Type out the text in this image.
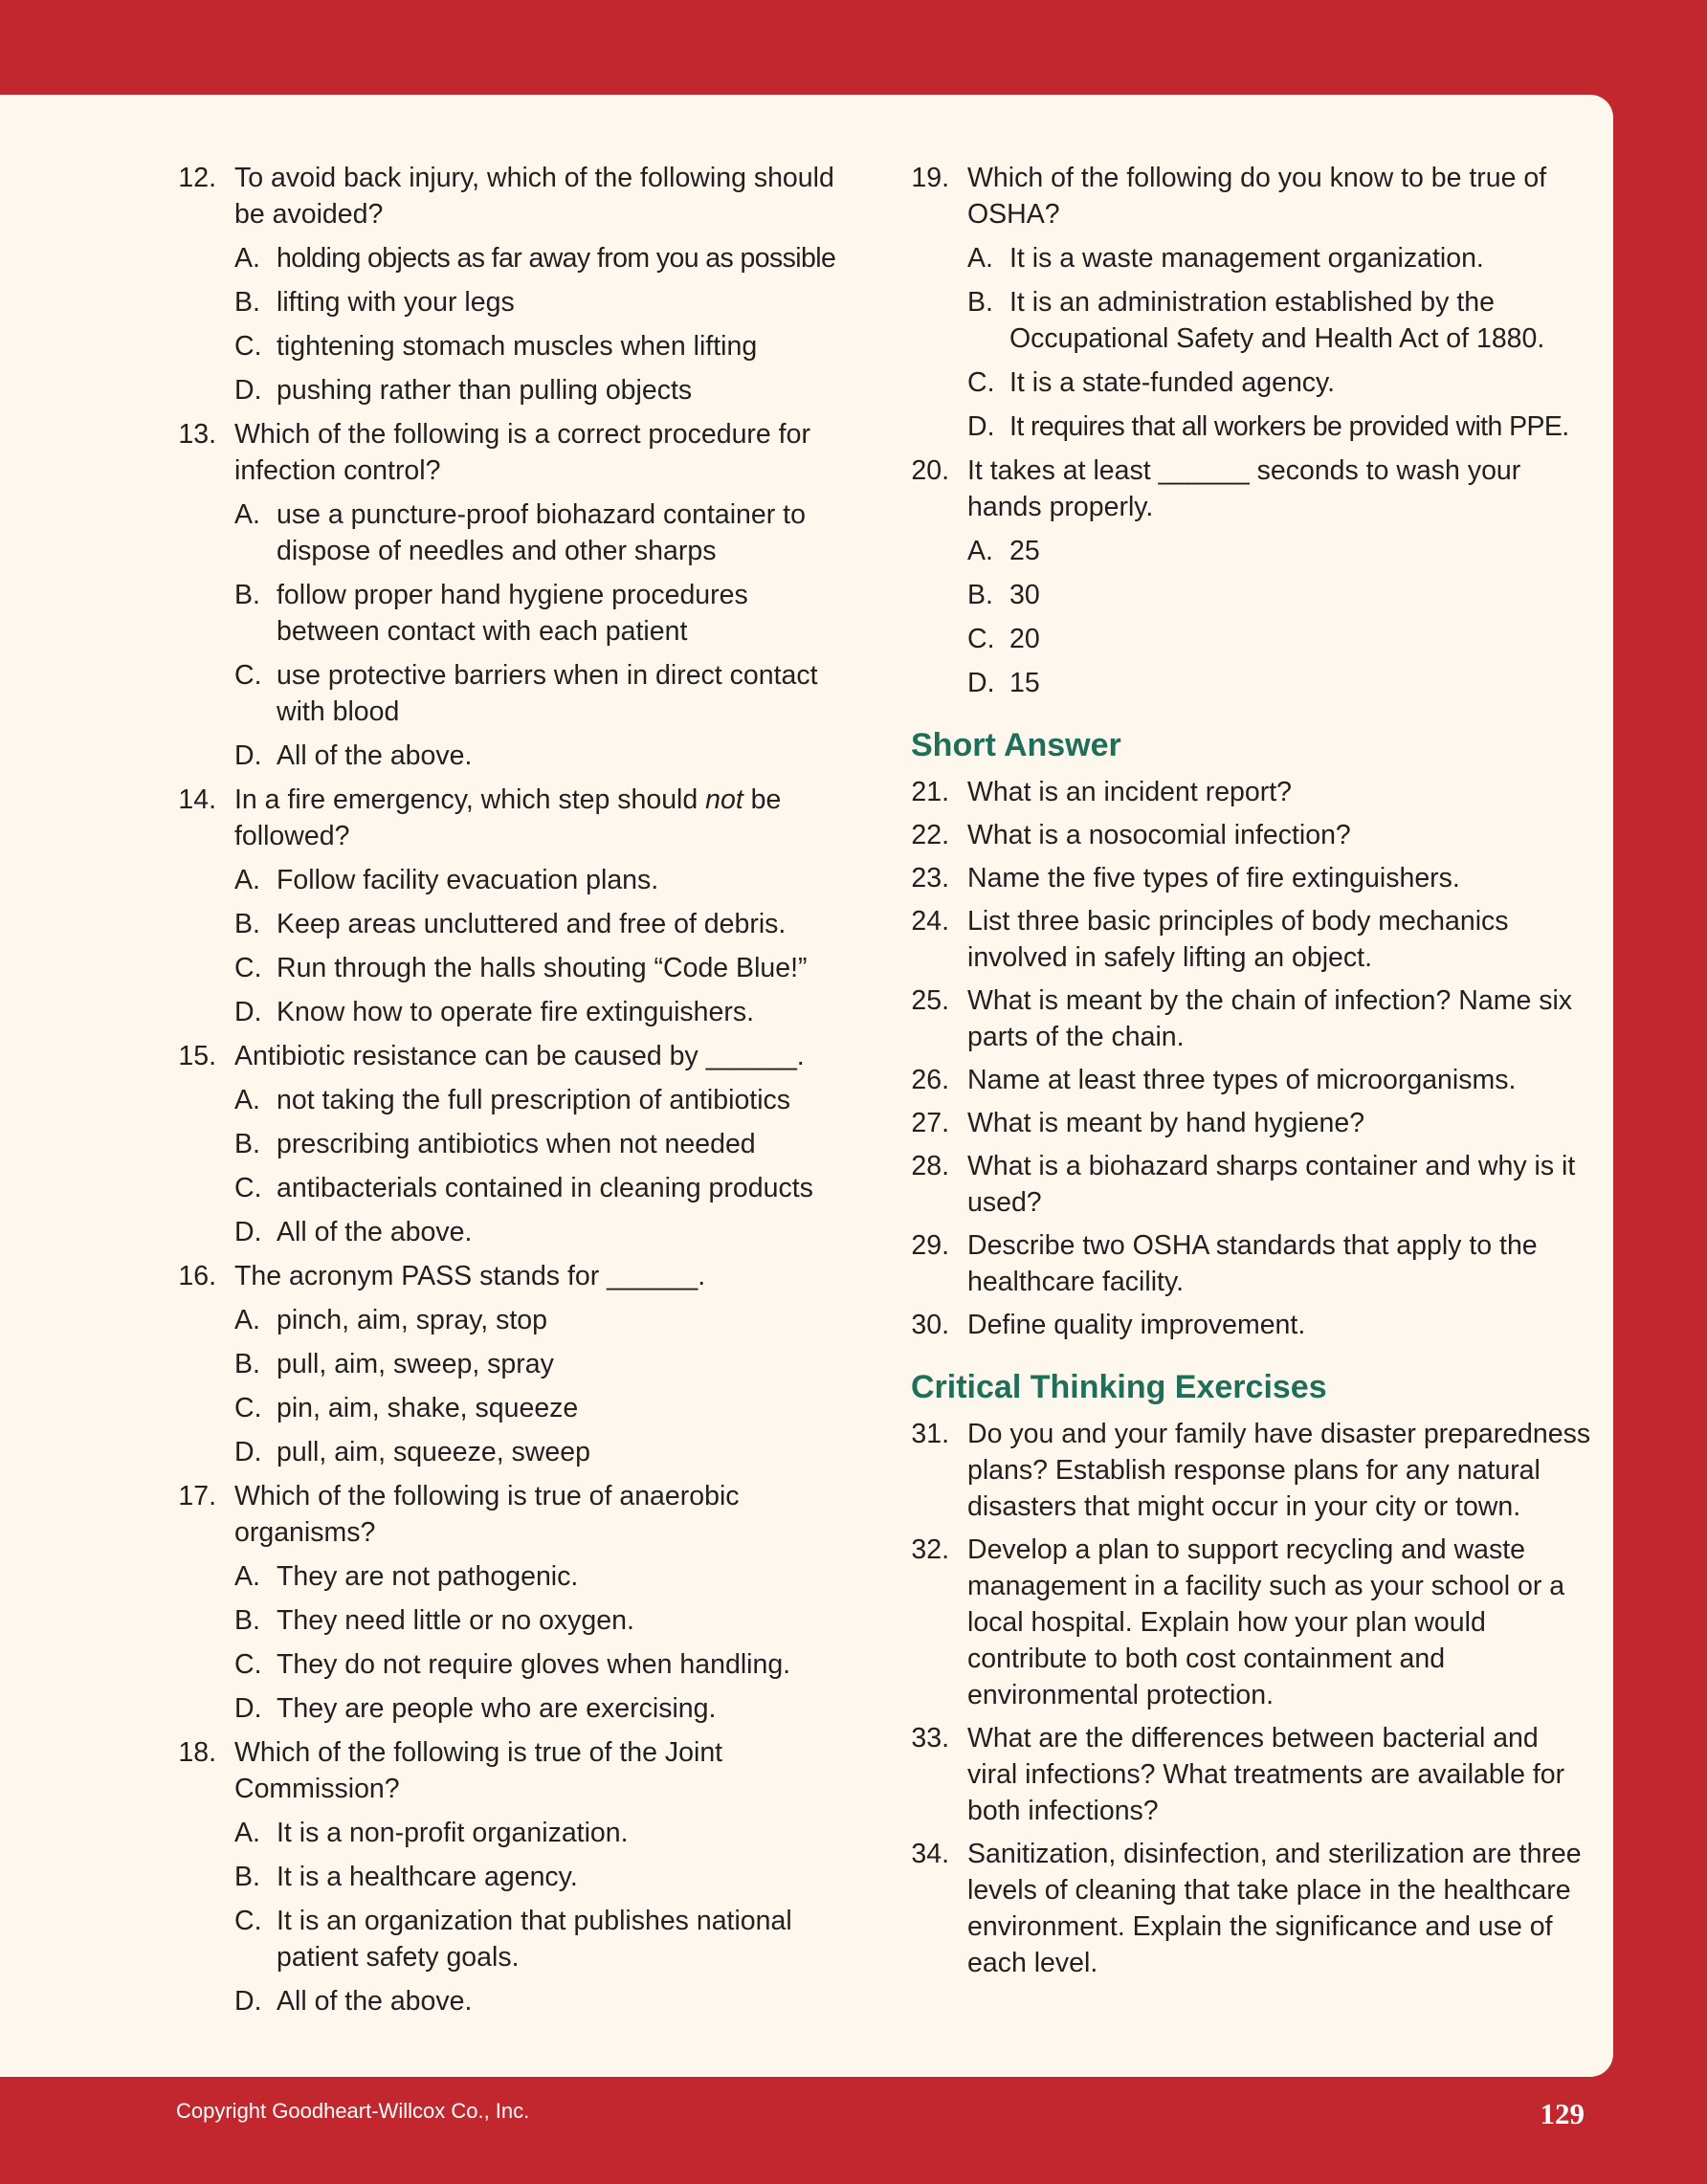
12. To avoid back injury, which of the following should be avoided?
A. holding objects as far away from you as possible
B. lifting with your legs
C. tightening stomach muscles when lifting
D. pushing rather than pulling objects
13. Which of the following is a correct procedure for infection control?
A. use a puncture-proof biohazard container to dispose of needles and other sharps
B. follow proper hand hygiene procedures between contact with each patient
C. use protective barriers when in direct contact with blood
D. All of the above.
14. In a fire emergency, which step should not be followed?
A. Follow facility evacuation plans.
B. Keep areas uncluttered and free of debris.
C. Run through the halls shouting “Code Blue!”
D. Know how to operate fire extinguishers.
15. Antibiotic resistance can be caused by ______.
A. not taking the full prescription of antibiotics
B. prescribing antibiotics when not needed
C. antibacterials contained in cleaning products
D. All of the above.
16. The acronym PASS stands for ______.
A. pinch, aim, spray, stop
B. pull, aim, sweep, spray
C. pin, aim, shake, squeeze
D. pull, aim, squeeze, sweep
17. Which of the following is true of anaerobic organisms?
A. They are not pathogenic.
B. They need little or no oxygen.
C. They do not require gloves when handling.
D. They are people who are exercising.
18. Which of the following is true of the Joint Commission?
A. It is a non-profit organization.
B. It is a healthcare agency.
C. It is an organization that publishes national patient safety goals.
D. All of the above.
19. Which of the following do you know to be true of OSHA?
A. It is a waste management organization.
B. It is an administration established by the Occupational Safety and Health Act of 1880.
C. It is a state-funded agency.
D. It requires that all workers be provided with PPE.
20. It takes at least ______ seconds to wash your hands properly.
A. 25
B. 30
C. 20
D. 15
Short Answer
21. What is an incident report?
22. What is a nosocomial infection?
23. Name the five types of fire extinguishers.
24. List three basic principles of body mechanics involved in safely lifting an object.
25. What is meant by the chain of infection? Name six parts of the chain.
26. Name at least three types of microorganisms.
27. What is meant by hand hygiene?
28. What is a biohazard sharps container and why is it used?
29. Describe two OSHA standards that apply to the healthcare facility.
30. Define quality improvement.
Critical Thinking Exercises
31. Do you and your family have disaster preparedness plans? Establish response plans for any natural disasters that might occur in your city or town.
32. Develop a plan to support recycling and waste management in a facility such as your school or a local hospital. Explain how your plan would contribute to both cost containment and environmental protection.
33. What are the differences between bacterial and viral infections? What treatments are available for both infections?
34. Sanitization, disinfection, and sterilization are three levels of cleaning that take place in the healthcare environment. Explain the significance and use of each level.
Copyright Goodheart-Willcox Co., Inc.	129
